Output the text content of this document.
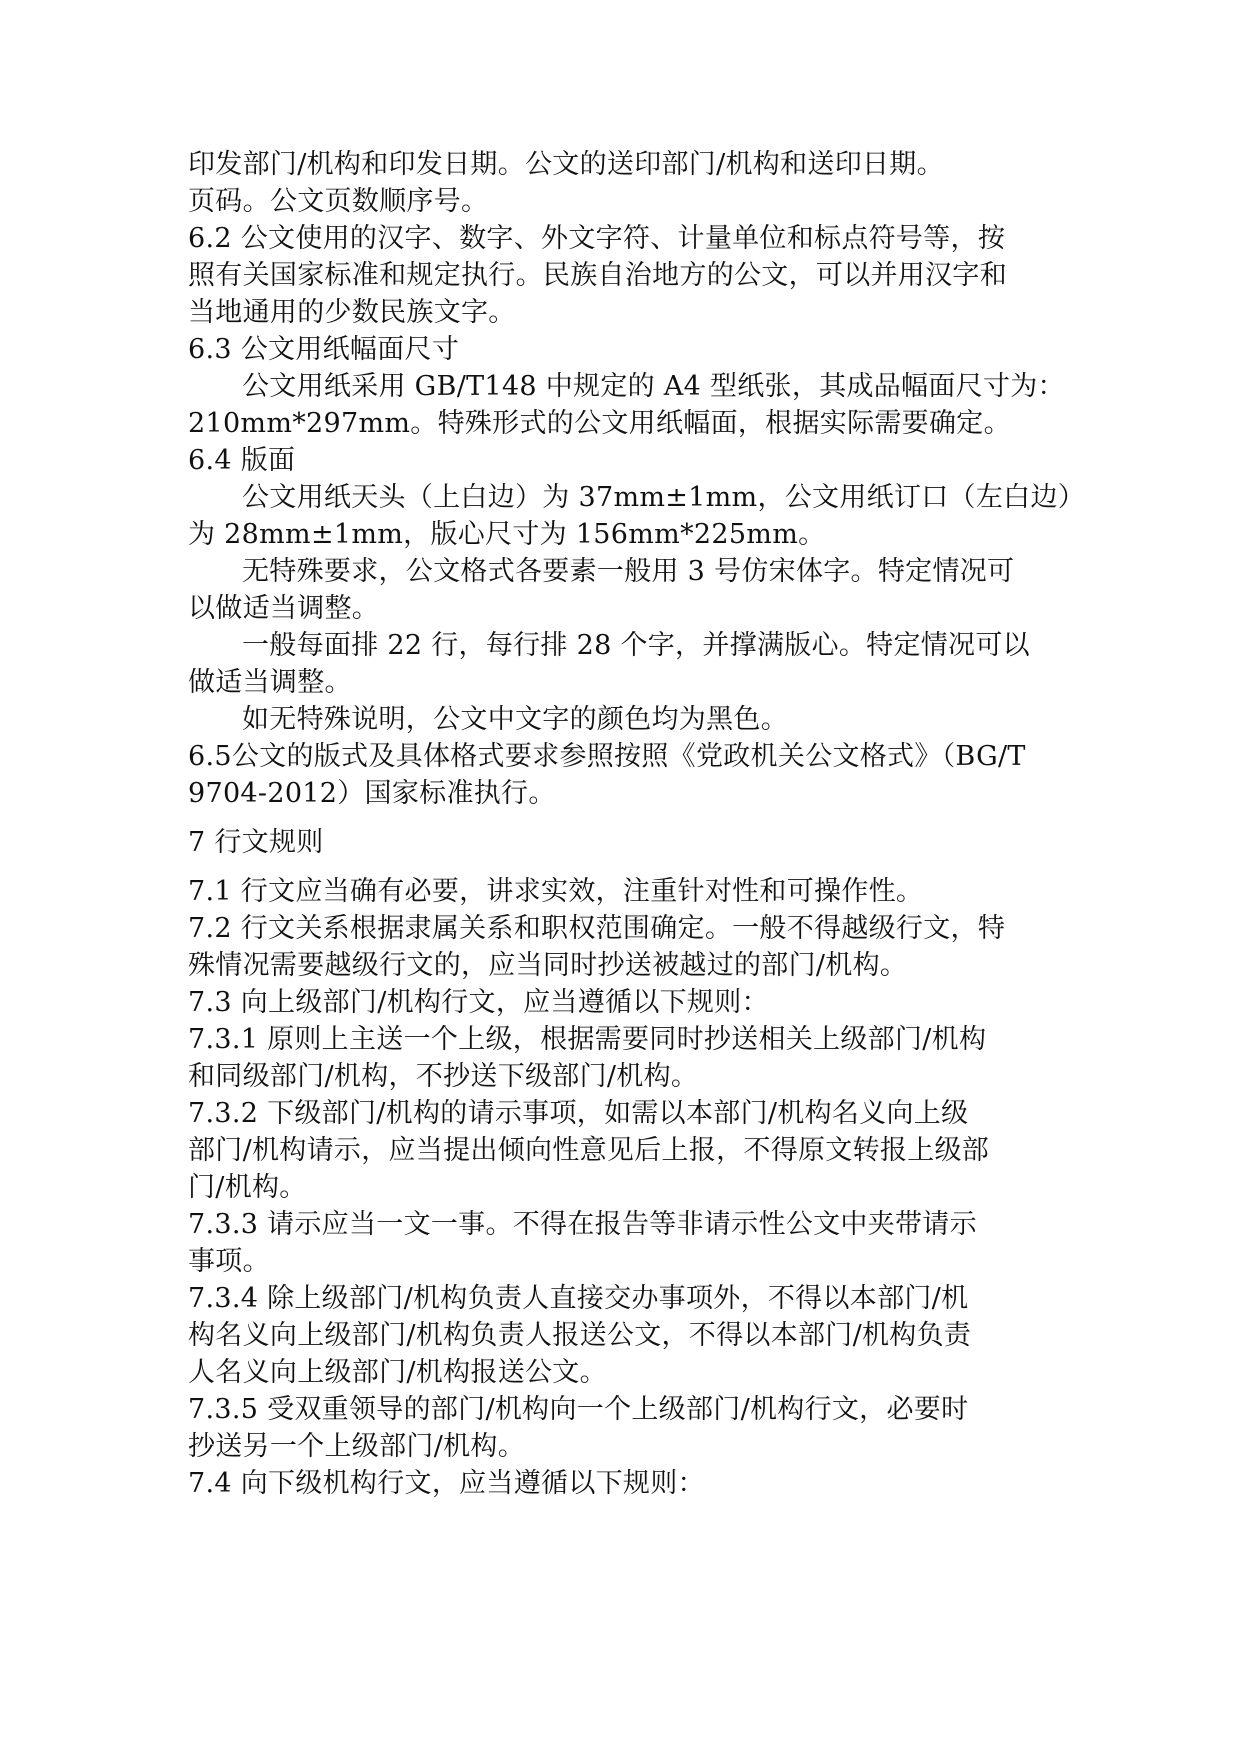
印发部门/机构和印发日期。公文的送印部门/机构和送印日期。

页码。公文页数顺序号。

6.2 公文使用的汉字、数字、外文字符、计量单位和标点符号等，按
照有关国家标准和规定执行。民族自治地方的公文，可以并用汉字和
当地通用的少数民族文字。

6.3 公文用纸幅面尺寸

公文用纸采用 GB/T148 中规定的 A4 型纸张，其成品幅面尺寸为：
210mm*297mm。特殊形式的公文用纸幅面，根据实际需要确定。

6.4 版面

公文用纸天头（上白边）为 37mm±1mm，公文用纸订口（左白边）
为 28mm±1mm，版心尺寸为 156mm*225mm。

无特殊要求，公文格式各要素一般用 3 号仿宋体字。特定情况可
以做适当调整。

一般每面排 22 行，每行排 28 个字，并撑满版心。特定情况可以
做适当调整。

如无特殊说明，公文中文字的颜色均为黑色。

6.5公文的版式及具体格式要求参照按照《党政机关公文格式》（BG/T
9704-2012）国家标准执行。

7 行文规则

7.1 行文应当确有必要，讲求实效，注重针对性和可操作性。

7.2 行文关系根据隶属关系和职权范围确定。一般不得越级行文，特
殊情况需要越级行文的，应当同时抄送被越过的部门/机构。

7.3 向上级部门/机构行文，应当遵循以下规则：

7.3.1 原则上主送一个上级，根据需要同时抄送相关上级部门/机构
和同级部门/机构，不抄送下级部门/机构。

7.3.2 下级部门/机构的请示事项，如需以本部门/机构名义向上级
部门/机构请示，应当提出倾向性意见后上报，不得原文转报上级部
门/机构。

7.3.3 请示应当一文一事。不得在报告等非请示性公文中夹带请示
事项。

7.3.4 除上级部门/机构负责人直接交办事项外，不得以本部门/机
构名义向上级部门/机构负责人报送公文，不得以本部门/机构负责
人名义向上级部门/机构报送公文。

7.3.5 受双重领导的部门/机构向一个上级部门/机构行文，必要时
抄送另一个上级部门/机构。

7.4 向下级机构行文，应当遵循以下规则：
